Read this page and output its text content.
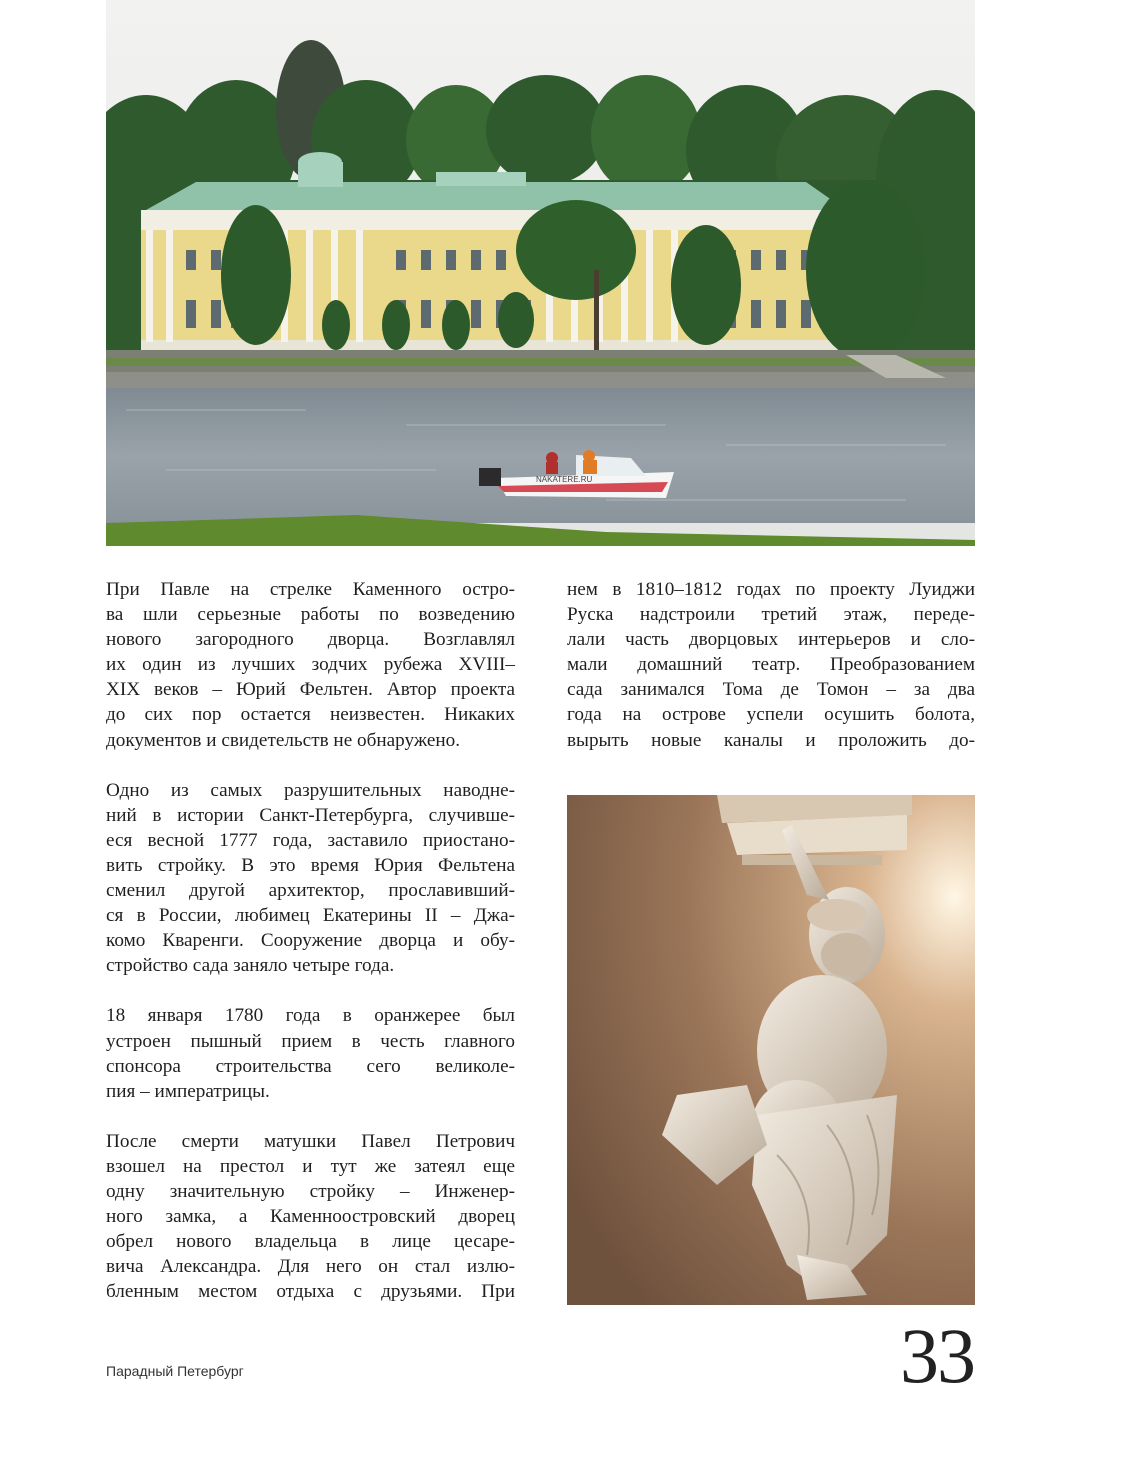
NAKATERE.RU

При Павле на стрелке Каменного остро-
ва шли серьезные работы по возведению
нового загородного дворца. Возглавлял
их один из лучших зодчих рубежа XVIII–
XIX веков – Юрий Фельтен. Автор проекта
до сих пор остается неизвестен. Никаких
документов и свидетельств не обнаружено.

Одно из самых разрушительных наводне-
ний в истории Санкт-Петербурга, случивше-
еся весной 1777 года, заставило приостано-
вить стройку. В это время Юрия Фельтена
сменил другой архитектор, прославивший-
ся в России, любимец Екатерины II – Джа-
комо Кваренги. Сооружение дворца и обу-
стройство сада заняло четыре года.

18 января 1780 года в оранжерее был
устроен пышный прием в честь главного
спонсора строительства сего великоле-
пия – императрицы.

После смерти матушки Павел Петрович
взошел на престол и тут же затеял еще
одну значительную стройку – Инженер-
ного замка, а Каменноостровский дворец
обрел нового владельца в лице цесаре-
вича Александра. Для него он стал излю-
бленным местом отдыха с друзьями. При

нем в 1810–1812 годах по проекту Луиджи
Руска надстроили третий этаж, переде-
лали часть дворцовых интерьеров и сло-
мали домашний театр. Преобразованием
сада занимался Тома де Томон – за два
года на острове успели осушить болота,
вырыть новые каналы и проложить до-

Парадный Петербург	33
